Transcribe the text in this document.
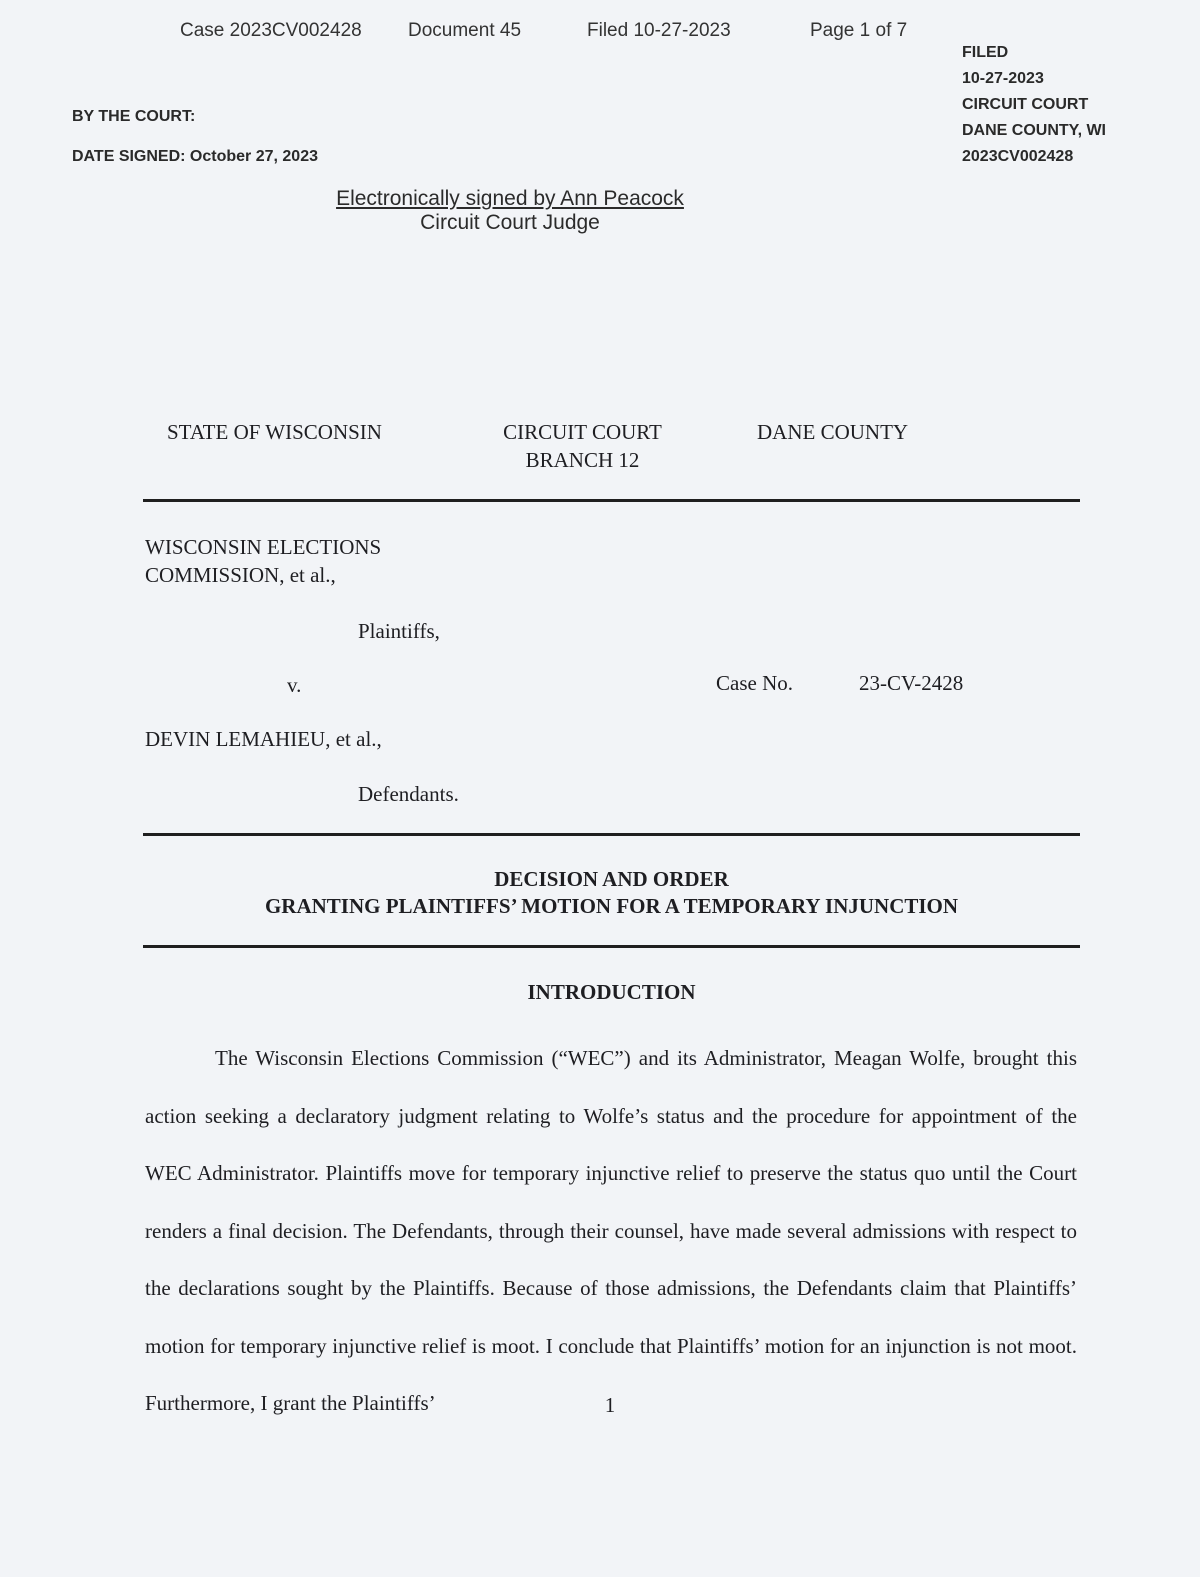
Case 2023CV002428 Document 45	Filed 10-27-2023	Page 1 of 7
FILED
10-27-2023
CIRCUIT COURT
DANE COUNTY, WI
2023CV002428
BY THE COURT:
DATE SIGNED: October 27, 2023
Electronically signed by Ann Peacock
Circuit Court Judge
STATE OF WISCONSIN	CIRCUIT COURT
BRANCH 12
DANE COUNTY
WISCONSIN ELECTIONS
COMMISSION, et al.,
Plaintiffs,
v.	Case No.	23-CV-2428
DEVIN LEMAHIEU, et al.,
Defendants.
DECISION AND ORDER
GRANTING PLAINTIFFS’ MOTION FOR A TEMPORARY INJUNCTION
INTRODUCTION

The Wisconsin Elections Commission (“WEC”) and its Administrator, Meagan Wolfe, brought this action seeking a declaratory judgment relating to Wolfe’s status and the procedure for appointment of the WEC Administrator. Plaintiffs move for temporary injunctive relief to preserve the status quo until the Court renders a final decision. The Defendants, through their counsel, have made several admissions with respect to the declarations sought by the Plaintiffs. Because of those admissions, the Defendants claim that Plaintiffs’ motion for temporary injunctive relief is moot. I conclude that Plaintiffs’ motion for an injunction is not moot. Furthermore, I grant the Plaintiffs’	1
